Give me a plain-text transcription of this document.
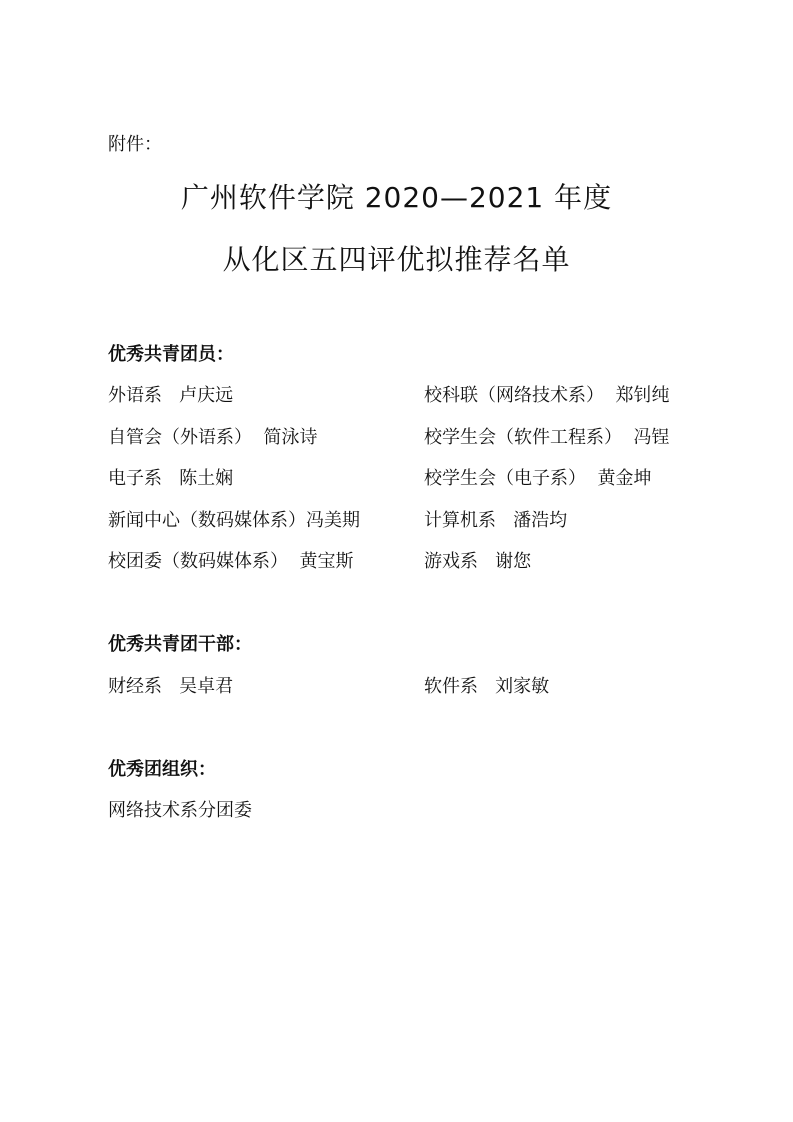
附件：
广州软件学院 2020—2021 年度
从化区五四评优拟推荐名单
优秀共青团员：
外语系   卢庆远	校科联（网络技术系）  郑钊纯
自管会（外语系）  简泳诗	校学生会（软件工程系）  冯锃
电子系   陈土娴	校学生会（电子系）  黄金坤
新闻中心（数码媒体系）冯美期	计算机系   潘浩均
校团委（数码媒体系）  黄宝斯	游戏系   谢您
优秀共青团干部：
财经系   吴卓君	软件系   刘家敏
优秀团组织：
网络技术系分团委
